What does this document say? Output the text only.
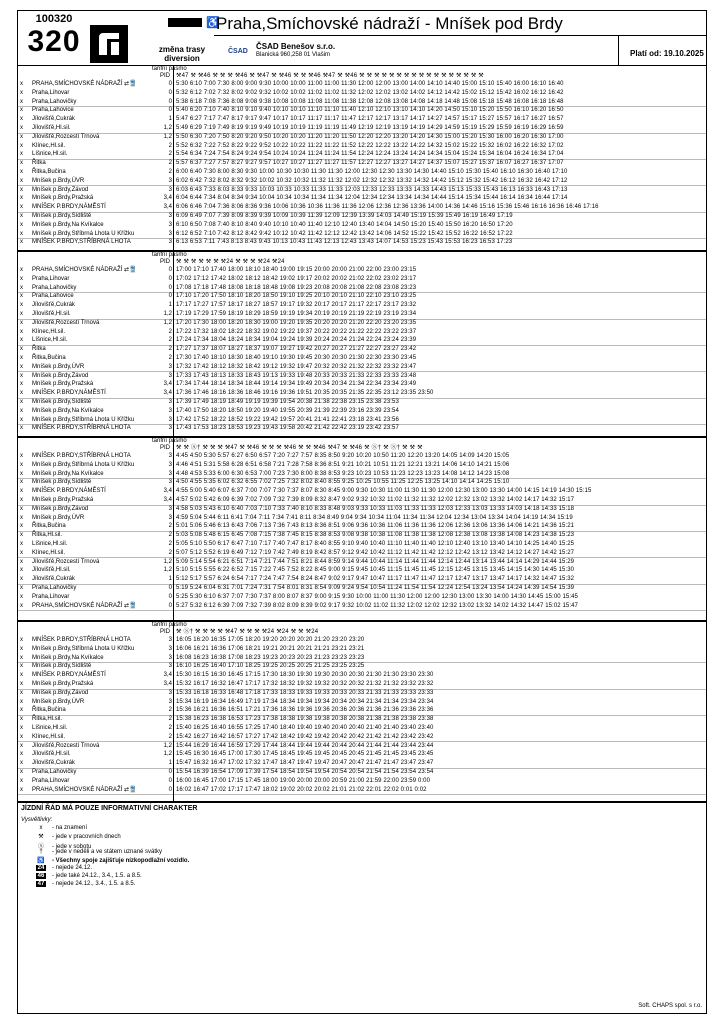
100320
320
♿
Praha,Smíchovské nádraží - Mníšek pod Brdy
změna trasy diversion
ČSAD
ČSAD Benešov s.r.o.
Blanická 960,258 01 Vlašim	Platí od: 19.10.2025
tarifní pásmo
PID ⚒47 ⚒ ⚒46 ⚒ ⚒ ⚒ ⚒46 ⚒ ⚒47 ⚒ ⚒46 ⚒ ⚒ ⚒46 ⚒47 ⚒ ⚒46 ⚒ ⚒ ⚒ ⚒ ⚒ ⚒ ⚒ ⚒ ⚒ ⚒ ⚒ ⚒ ⚒ ⚒ ⚒ ⚒ ⚒
x PRAHA,SMÍCHOVSKÉ NÁDRAŽÍ ⇄🚆	0 5:30 6:10 7:00 7:30 8:00 9:00 9:30 10:00 10:00 11:00 11:00 11:30 12:00 12:00 13:00 14:00 14:10 14:40 15:00 15:10 15:40 16:00 16:10 16:40
x Praha,Lihovar	0 5:32 6:12 7:02 7:32 8:02 9:02 9:32 10:02 10:02 11:02 11:02 11:32 12:02 12:02 13:02 14:02 14:12 14:42 15:02 15:12 15:42 16:02 16:12 16:42
x Praha,Lahovičky	0 5:38 6:18 7:08 7:36 8:08 9:08 9:38 10:08 10:08 11:08 11:08 11:38 12:08 12:08 13:08 14:08 14:18 14:48 15:08 15:18 15:48 16:08 16:18 16:48
x Praha,Lahovice	0 5:40 6:20 7:10 7:40 8:10 9:10 9:40 10:10 10:10 11:10 11:10 11:40 12:10 12:10 13:10 14:10 14:20 14:50 15:10 15:20 15:50 16:10 16:20 16:50
x Jílovišťě,Cukrák	1 5:47 6:27 7:17 7:47 8:17 9:17 9:47 10:17 10:17 11:17 11:17 11:47 12:17 12:17 13:17 14:17 14:27 14:57 15:17 15:27 15:57 16:17 16:27 16:57
x Jílovišťě,Hl.sil.	1,2 5:49 6:29 7:19 7:49 8:19 9:19 9:49 10:19 10:19 11:19 11:19 11:49 12:19 12:19 13:19 14:19 14:29 14:59 15:19 15:29 15:59 16:19 16:29 16:59
x Jílovišťě,Rozcestí Trnová	1,2 5:50 6:30 7:20 7:50 8:20 9:20 9:50 10:20 10:20 11:20 11:20 11:50 12:20 12:20 13:20 14:20 14:30 15:00 15:20 15:30 16:00 16:20 16:30 17:00
x Klínec,Hl.sil.	2 5:52 6:32 7:22 7:52 8:22 9:22 9:52 10:22 10:22 11:22 11:22 11:52 12:22 12:22 13:22 14:22 14:32 15:02 15:22 15:32 16:02 16:22 16:32 17:02
x Líšnice,Hl.sil.	2 5:54 6:34 7:24 7:54 8:24 9:24 9:54 10:24 10:24 11:24 11:24 11:54 12:24 12:24 13:24 14:24 14:34 15:04 15:24 15:34 16:04 16:24 16:34 17:04
x Řitka	2 5:57 6:37 7:27 7:57 8:27 9:27 9:57 10:27 10:27 11:27 11:27 11:57 12:27 12:27 13:27 14:27 14:37 15:07 15:27 15:37 16:07 16:27 16:37 17:07
x Řitka,Bučina	2 6:00 6:40 7:30 8:00 8:30 9:30 10:00 10:30 10:30 11:30 11:30 12:00 12:30 12:30 13:30 14:30 14:40 15:10 15:30 15:40 16:10 16:30 16:40 17:10
x Mníšek p.Brdy,ÚVR	3 6:02 6:42 7:32 8:02 8:32 9:32 10:02 10:32 10:32 11:32 11:32 12:02 12:32 12:32 13:32 14:32 14:42 15:12 15:32 15:42 16:12 16:32 16:42 17:12
x Mníšek p.Brdy,Závod	3 6:03 6:43 7:33 8:03 8:33 9:33 10:03 10:33 10:33 11:33 11:33 12:03 12:33 12:33 13:33 14:33 14:43 15:13 15:33 15:43 16:13 16:33 16:43 17:13
x Mníšek p.Brdy,Pražská	3,4 6:04 6:44 7:34 8:04 8:34 9:34 10:04 10:34 10:34 11:34 11:34 12:04 12:34 12:34 13:34 14:34 14:44 15:14 15:34 15:44 16:14 16:34 16:44 17:14
x MNÍŠEK P.BRDY,NÁMĚSTÍ	3,4 6:06 6:46 7:04 7:36 8:06 8:36 9:36 10:06 10:36 10:36 11:36 11:36 12:06 12:36 12:36 13:36 14:00 14:36 14:46 15:16 15:36 15:46 16:16 16:36 16:46 17:16
x Mníšek p.Brdy,Sídliště	3 6:09 6:49 7:07 7:39 8:09 8:39 9:39 10:09 10:39 11:39 12:09 12:39 13:39 14:03 14:49 15:19 15:39 15:49 16:19 16:49 17:19
x Mníšek p.Brdy,Na Kvíkalce	3 6:10 6:50 7:08 7:40 8:10 8:40 9:40 10:10 10:40 11:40 12:10 12:40 13:40 14:04 14:50 15:20 15:40 15:50 16:20 16:50 17:20
x Mníšek p.Brdy,Stříbrná Lhota U Křížku	3 6:12 6:52 7:10 7:42 8:12 8:42 9:42 10:12 10:42 11:42 12:12 12:42 13:42 14:06 14:52 15:22 15:42 15:52 16:22 16:52 17:22
x MNÍŠEK P.BRDY,STŘÍBRNÁ LHOTA	3 6:13 6:53 7:11 7:43 8:13 8:43 9:43 10:13 10:43 11:43 12:13 12:43 13:43 14:07 14:53 15:23 15:43 15:53 16:23 16:53 17:23
tarifní pásmo
PID ⚒ ⚒ ⚒ ⚒ ⚒ ⚒ ⚒24 ⚒ ⚒ ⚒ ⚒24 ⚒24
x PRAHA,SMÍCHOVSKÉ NÁDRAŽÍ ⇄🚆	0 17:00 17:10 17:40 18:00 18:10 18:40 19:00 19:15 20:00 20:00 21:00 22:00 23:00 23:15
x Praha,Lihovar	0 17:02 17:12 17:42 18:02 18:12 18:42 19:02 19:17 20:02 20:02 21:02 22:02 23:02 23:17
x Praha,Lahovičky	0 17:08 17:18 17:48 18:08 18:18 18:48 19:08 19:23 20:08 20:08 21:08 22:08 23:08 23:23
x Praha,Lahovice	0 17:10 17:20 17:50 18:10 18:20 18:50 19:10 19:25 20:10 20:10 21:10 22:10 23:10 23:25
x Jílovišťě,Cukrák	1 17:17 17:27 17:57 18:17 18:27 18:57 19:17 19:32 20:17 20:17 21:17 22:17 23:17 23:32
x Jílovišťě,Hl.sil.	1,2 17:19 17:29 17:59 18:19 18:29 18:59 19:19 19:34 20:19 20:19 21:19 22:19 23:19 23:34
x Jílovišťě,Rozcestí Trnová	1,2 17:20 17:30 18:00 18:20 18:30 19:00 19:20 19:35 20:20 20:20 21:20 22:20 23:20 23:35
x Klínec,Hl.sil.	2 17:22 17:32 18:02 18:22 18:32 19:02 19:22 19:37 20:22 20:22 21:22 22:22 23:22 23:37
x Líšnice,Hl.sil.	2 17:24 17:34 18:04 18:24 18:34 19:04 19:24 19:39 20:24 20:24 21:24 22:24 23:24 23:39
x Řitka	2 17:27 17:37 18:07 18:27 18:37 19:07 19:27 19:42 20:27 20:27 21:27 22:27 23:27 23:42
x Řitka,Bučina	2 17:30 17:40 18:10 18:30 18:40 19:10 19:30 19:45 20:30 20:30 21:30 22:30 23:30 23:45
x Mníšek p.Brdy,ÚVR	3 17:32 17:42 18:12 18:32 18:42 19:12 19:32 19:47 20:32 20:32 21:32 22:32 23:32 23:47
x Mníšek p.Brdy,Závod	3 17:33 17:43 18:13 18:33 18:43 19:13 19:33 19:48 20:33 20:33 21:33 22:33 23:33 23:48
x Mníšek p.Brdy,Pražská	3,4 17:34 17:44 18:14 18:34 18:44 19:14 19:34 19:49 20:34 20:34 21:34 22:34 23:34 23:49
x MNÍŠEK P.BRDY,NÁMĚSTÍ	3,4 17:36 17:46 18:16 18:36 18:46 19:16 19:36 19:51 20:35 20:35 21:35 22:35 23:12 23:35 23:50
x Mníšek p.Brdy,Sídliště	3 17:39 17:49 18:19 18:49 19:19 19:39 19:54 20:38 21:38 22:38 23:15 23:38 23:53
x Mníšek p.Brdy,Na Kvíkalce	3 17:40 17:50 18:20 18:50 19:20 19:40 19:55 20:39 21:39 22:39 23:16 23:39 23:54
x Mníšek p.Brdy,Stříbrná Lhota U Křížku	3 17:42 17:52 18:22 18:52 19:22 19:42 19:57 20:41 21:41 22:41 23:18 23:41 23:56
x MNÍŠEK P.BRDY,STŘÍBRNÁ LHOTA	3 17:43 17:53 18:23 18:53 19:23 19:43 19:58 20:42 21:42 22:42 23:19 23:42 23:57
tarifní pásmo
PID ⚒ ⚒ Ⓢ† ⚒ ⚒ ⚒ ⚒47 ⚒ ⚒46 ⚒ ⚒ ⚒ ⚒46 ⚒ ⚒ ⚒46 ⚒47 ⚒ ⚒46 ⚒ Ⓢ† ⚒ Ⓢ† ⚒ ⚒ ⚒
x MNÍŠEK P.BRDY,STŘÍBRNÁ LHOTA	3 4:45 4:50 5:30 5:57 6:27 6:50 6:57 7:20 7:27 7:57 8:35 8:50 9:20 10:20 10:50 11:20 12:20 13:20 14:05 14:09 14:20 15:05
x Mníšek p.Brdy,Stříbrná Lhota U Křížku	3 4:46 4:51 5:31 5:58 6:28 6:51 6:58 7:21 7:28 7:58 8:36 8:51 9:21 10:21 10:51 11:21 12:21 13:21 14:06 14:10 14:21 15:06
x Mníšek p.Brdy,Na Kvíkalce	3 4:48 4:53 5:33 6:00 6:30 6:53 7:00 7:23 7:30 8:00 8:38 8:53 9:23 10:23 10:53 11:23 12:23 13:23 14:08 14:12 14:23 15:08
x Mníšek p.Brdy,Sídliště	3 4:50 4:55 5:35 6:02 6:32 6:55 7:02 7:25 7:32 8:02 8:40 8:55 9:25 10:25 10:55 11:25 12:25 13:25 14:10 14:14 14:25 15:10
x MNÍŠEK P.BRDY,NÁMĚSTÍ	3,4 4:55 5:00 5:40 6:07 6:37 7:00 7:07 7:30 7:37 8:07 8:30 8:45 9:00 9:30 10:30 11:00 11:30 11:30 12:00 12:30 13:00 13:30 14:00 14:15 14:19 14:30 15:15
x Mníšek p.Brdy,Pražská	3,4 4:57 5:02 5:42 6:09 6:39 7:02 7:09 7:32 7:39 8:09 8:32 8:47 9:02 9:32 10:32 11:02 11:32 11:32 12:02 12:32 13:02 13:32 14:02 14:17 14:32 15:17
x Mníšek p.Brdy,Závod	3 4:58 5:03 5:43 6:10 6:40 7:03 7:10 7:33 7:40 8:10 8:33 8:48 9:03 9:33 10:33 11:03 11:33 11:33 12:03 12:33 13:03 13:33 14:03 14:18 14:33 15:18
x Mníšek p.Brdy,ÚVR	3 4:59 5:04 5:44 6:11 6:41 7:04 7:11 7:34 7:41 8:11 8:34 8:49 9:04 9:34 10:34 11:04 11:34 11:34 12:04 12:34 13:04 13:34 14:04 14:19 14:34 15:19
x Řitka,Bučina	2 5:01 5:06 5:46 6:13 6:43 7:06 7:13 7:36 7:43 8:13 8:36 8:51 9:06 9:36 10:36 11:06 11:36 11:36 12:06 12:36 13:06 13:36 14:06 14:21 14:36 15:21
x Řitka,Hl.sil.	2 5:03 5:08 5:48 6:15 6:45 7:08 7:15 7:38 7:45 8:15 8:38 8:53 9:08 9:38 10:38 11:08 11:38 11:38 12:08 12:38 13:08 13:38 14:08 14:23 14:38 15:23
x Líšnice,Hl.sil.	2 5:05 5:10 5:50 6:17 6:47 7:10 7:17 7:40 7:47 8:17 8:40 8:55 9:10 9:40 10:40 11:10 11:40 11:40 12:10 12:40 13:10 13:40 14:10 14:25 14:40 15:25
x Klínec,Hl.sil.	2 5:07 5:12 5:52 6:19 6:49 7:12 7:19 7:42 7:49 8:19 8:42 8:57 9:12 9:42 10:42 11:12 11:42 11:42 12:12 12:42 13:12 13:42 14:12 14:27 14:42 15:27
x Jílovišťě,Rozcestí Trnová	1,2 5:09 5:14 5:54 6:21 6:51 7:14 7:21 7:44 7:51 8:21 8:44 8:59 9:14 9:44 10:44 11:14 11:44 11:44 12:14 12:44 13:14 13:44 14:14 14:29 14:44 15:29
x Jílovišťě,Hl.sil.	1,2 5:10 5:15 5:55 6:22 6:52 7:15 7:22 7:45 7:52 8:22 8:45 9:00 9:15 9:45 10:45 11:15 11:45 11:45 12:15 12:45 13:15 13:45 14:15 14:30 14:45 15:30
x Jílovišťě,Cukrák	1 5:12 5:17 5:57 6:24 6:54 7:17 7:24 7:47 7:54 8:24 8:47 9:02 9:17 9:47 10:47 11:17 11:47 11:47 12:17 12:47 13:17 13:47 14:17 14:32 14:47 15:32
x Praha,Lahovičky	0 5:19 5:24 6:04 6:31 7:01 7:24 7:31 7:54 8:01 8:31 8:54 9:09 9:24 9:54 10:54 11:24 11:54 11:54 12:24 12:54 13:24 13:54 14:24 14:39 14:54 15:39
x Praha,Lihovar	0 5:25 5:30 6:10 6:37 7:07 7:30 7:37 8:00 8:07 8:37 9:00 9:15 9:30 10:00 11:00 11:30 12:00 12:00 12:30 13:00 13:30 14:00 14:30 14:45 15:00 15:45
x PRAHA,SMÍCHOVSKÉ NÁDRAŽÍ ⇄🚆	0 5:27 5:32 6:12 6:39 7:09 7:32 7:39 8:02 8:09 8:39 9:02 9:17 9:32 10:02 11:02 11:32 12:02 12:02 12:32 13:02 13:32 14:02 14:32 14:47 15:02 15:47
tarifní pásmo
PID ⚒ Ⓢ† ⚒ ⚒ ⚒ ⚒ ⚒47 ⚒ ⚒ ⚒ ⚒24 ⚒24 ⚒ ⚒ ⚒24
x MNÍŠEK P.BRDY,STŘÍBRNÁ LHOTA	3 16:05 16:20 16:35 17:05 18:20 19:20 20:20 20:20 21:20 23:20 23:20
x Mníšek p.Brdy,Stříbrná Lhota U Křížku	3 16:06 16:21 16:36 17:06 18:21 19:21 20:21 20:21 21:21 23:21 23:21
x Mníšek p.Brdy,Na Kvíkalce	3 16:08 16:23 16:38 17:08 18:23 19:23 20:23 20:23 21:23 23:23 23:23
x Mníšek p.Brdy,Sídliště	3 16:10 16:25 16:40 17:10 18:25 19:25 20:25 20:25 21:25 23:25 23:25
x MNÍŠEK P.BRDY,NÁMĚSTÍ	3,4 15:30 16:15 16:30 16:45 17:15 17:30 18:30 19:30 19:30 20:30 20:30 21:30 21:30 23:30 23:30
x Mníšek p.Brdy,Pražská	3,4 15:32 16:17 16:32 16:47 17:17 17:32 18:32 19:32 19:32 20:32 20:32 21:32 21:32 23:32 23:32
x Mníšek p.Brdy,Závod	3 15:33 16:18 16:33 16:48 17:18 17:33 18:33 19:33 19:33 20:33 20:33 21:33 21:33 23:33 23:33
x Mníšek p.Brdy,ÚVR	3 15:34 16:19 16:34 16:49 17:19 17:34 18:34 19:34 19:34 20:34 20:34 21:34 21:34 23:34 23:34
x Řitka,Bučina	2 15:36 16:21 16:36 16:51 17:21 17:36 18:36 19:36 19:36 20:36 20:36 21:36 21:36 23:36 23:36
x Řitka,Hl.sil.	2 15:38 16:23 16:38 16:53 17:23 17:38 18:38 19:38 19:38 20:38 20:38 21:38 21:38 23:38 23:38
x Líšnice,Hl.sil.	2 15:40 16:25 16:40 16:55 17:25 17:40 18:40 19:40 19:40 20:40 20:40 21:40 21:40 23:40 23:40
x Klínec,Hl.sil.	2 15:42 16:27 16:42 16:57 17:27 17:42 18:42 19:42 19:42 20:42 20:42 21:42 21:42 23:42 23:42
x Jílovišťě,Rozcestí Trnová	1,2 15:44 16:29 16:44 16:59 17:29 17:44 18:44 19:44 19:44 20:44 20:44 21:44 21:44 23:44 23:44
x Jílovišťě,Hl.sil.	1,2 15:45 16:30 16:45 17:00 17:30 17:45 18:45 19:45 19:45 20:45 20:45 21:45 21:45 23:45 23:45
x Jílovišťě,Cukrák	1 15:47 16:32 16:47 17:02 17:32 17:47 18:47 19:47 19:47 20:47 20:47 21:47 21:47 23:47 23:47
x Praha,Lahovičky	0 15:54 16:39 16:54 17:09 17:39 17:54 18:54 19:54 19:54 20:54 20:54 21:54 21:54 23:54 23:54
x Praha,Lihovar	0 16:00 16:45 17:00 17:15 17:45 18:00 19:00 20:00 20:00 20:59 21:00 21:59 22:00 23:59 0:00
x PRAHA,SMÍCHOVSKÉ NÁDRAŽÍ ⇄🚆	0 16:02 16:47 17:02 17:17 17:47 18:02 19:02 20:02 20:02 21:01 21:02 22:01 22:02 0:01 0:02
JÍZDNÍ ŘÁD MÁ POUZE INFORMATIVNÍ CHARAKTER
Vysvětlivky:
x - na znamení
⚒ - jede v pracovních dnech
Ⓢ - jede v sobotu
† - jede v neděli a ve státem uznané svátky
♿ - Všechny spoje zajišťuje nízkopodlažní vozidlo.
24 - nejede 24.12.
46 - jede také 24.12., 3.4., 1.5. a 8.5.
47 - nejede 24.12., 3.4., 1.5. a 8.5.
Soft. CHAPS spol. s r.o.
